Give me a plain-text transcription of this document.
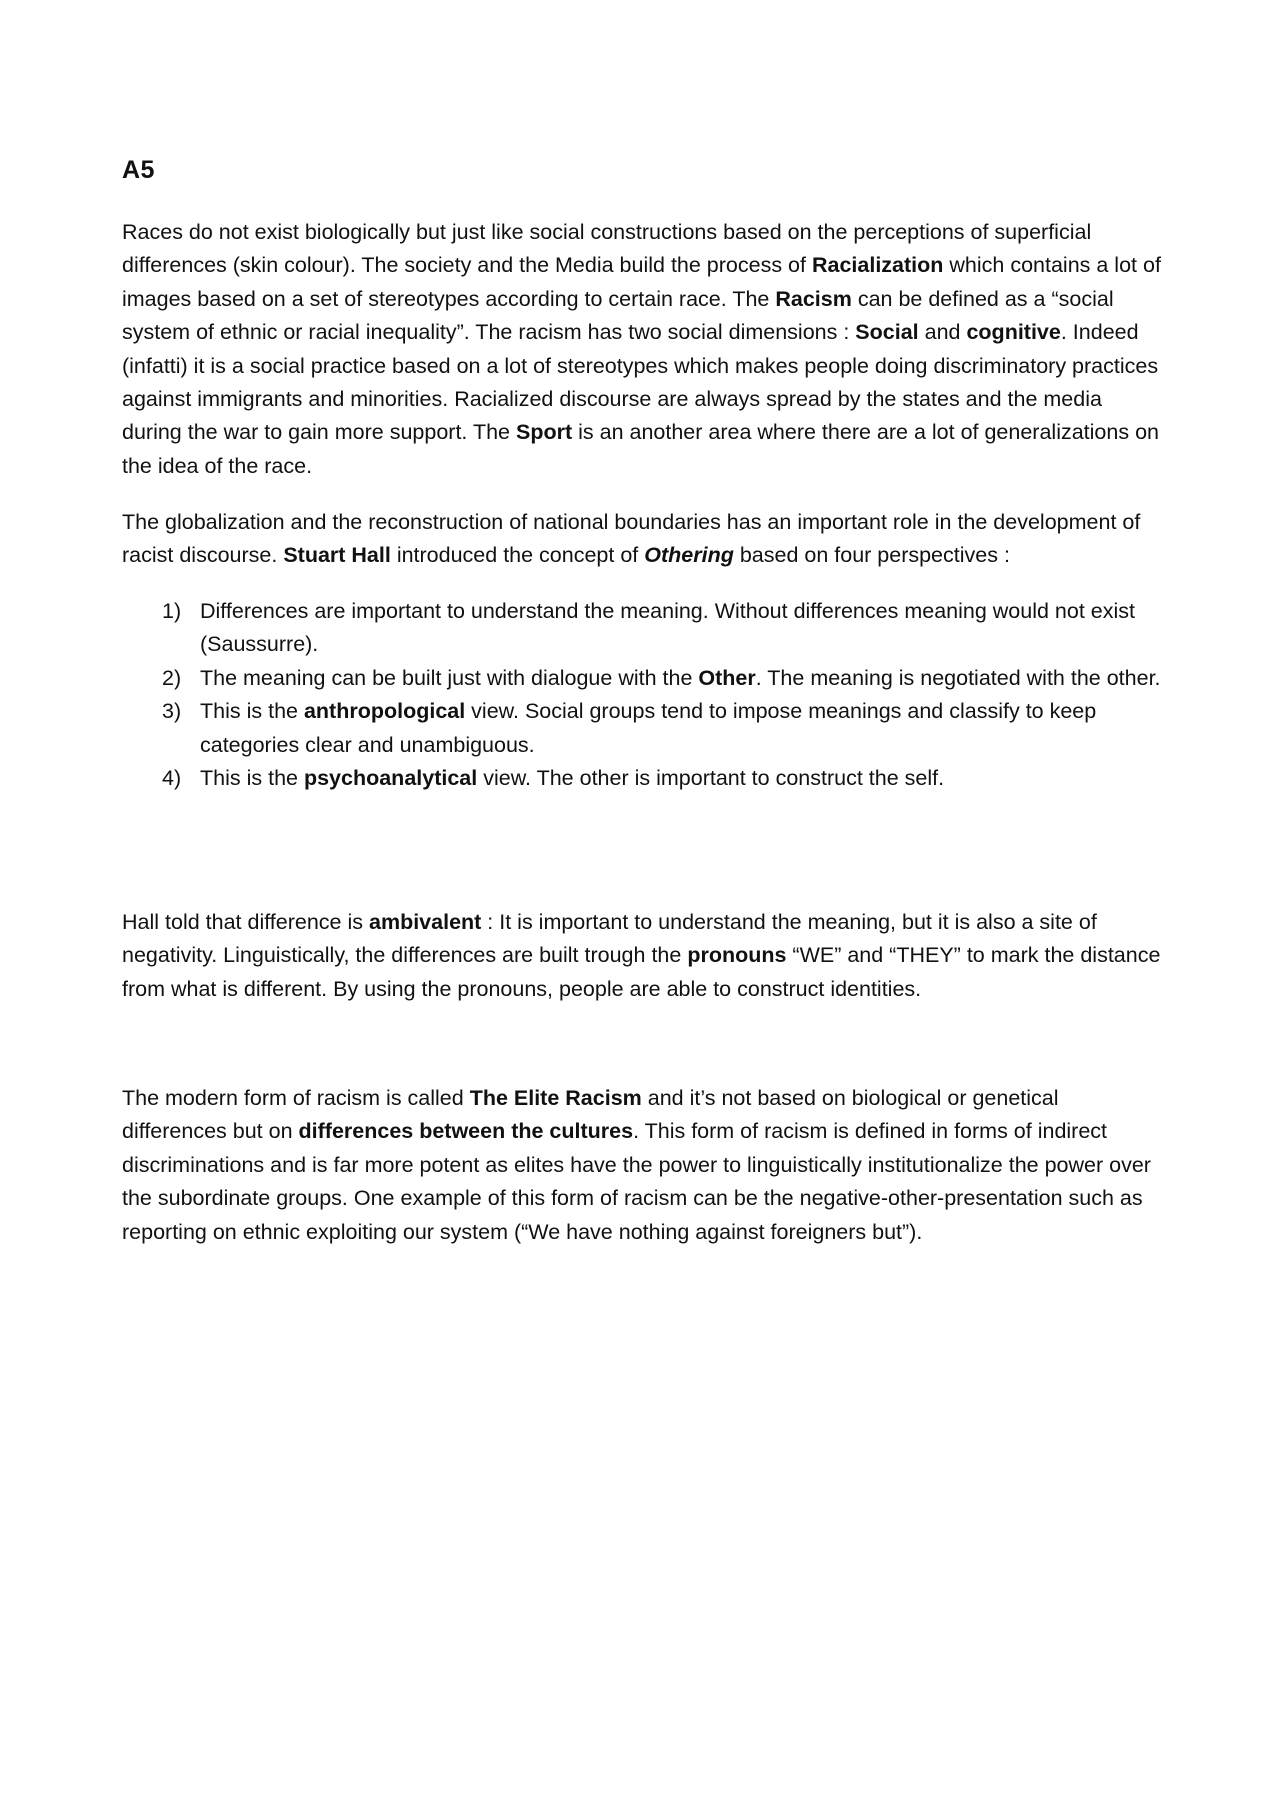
A5

Races do not exist biologically but just like social constructions based on the perceptions of superficial differences (skin colour). The society and the Media build the process of Racialization which contains a lot of images based on a set of stereotypes according to certain race. The Racism can be defined as a “social system of ethnic or racial inequality”. The racism has two social dimensions : Social and cognitive. Indeed (infatti) it is a social practice based on a lot of stereotypes which makes people doing discriminatory practices against immigrants and minorities. Racialized discourse are always spread by the states and the media during the war to gain more support. The Sport is an another area where there are a lot of generalizations on the idea of the race.

The globalization and the reconstruction of national boundaries has an important role in the development of racist discourse. Stuart Hall introduced the concept of Othering based on four perspectives :

1) Differences are important to understand the meaning. Without differences meaning would not exist (Saussurre).
2) The meaning can be built just with dialogue with the Other. The meaning is negotiated with the other.
3) This is the anthropological view. Social groups tend to impose meanings and classify to keep categories clear and unambiguous.
4) This is the psychoanalytical view. The other is important to construct the self.

Hall told that difference is ambivalent : It is important to understand the meaning, but it is also a site of negativity. Linguistically, the differences are built trough the pronouns “WE” and “THEY” to mark the distance from what is different. By using the pronouns, people are able to construct identities.

The modern form of racism is called The Elite Racism and it’s not based on biological or genetical differences but on differences between the cultures. This form of racism is defined in forms of indirect discriminations and is far more potent as elites have the power to linguistically institutionalize the power over the subordinate groups. One example of this form of racism can be the negative-other-presentation such as reporting on ethnic exploiting our system (“We have nothing against foreigners but”).
